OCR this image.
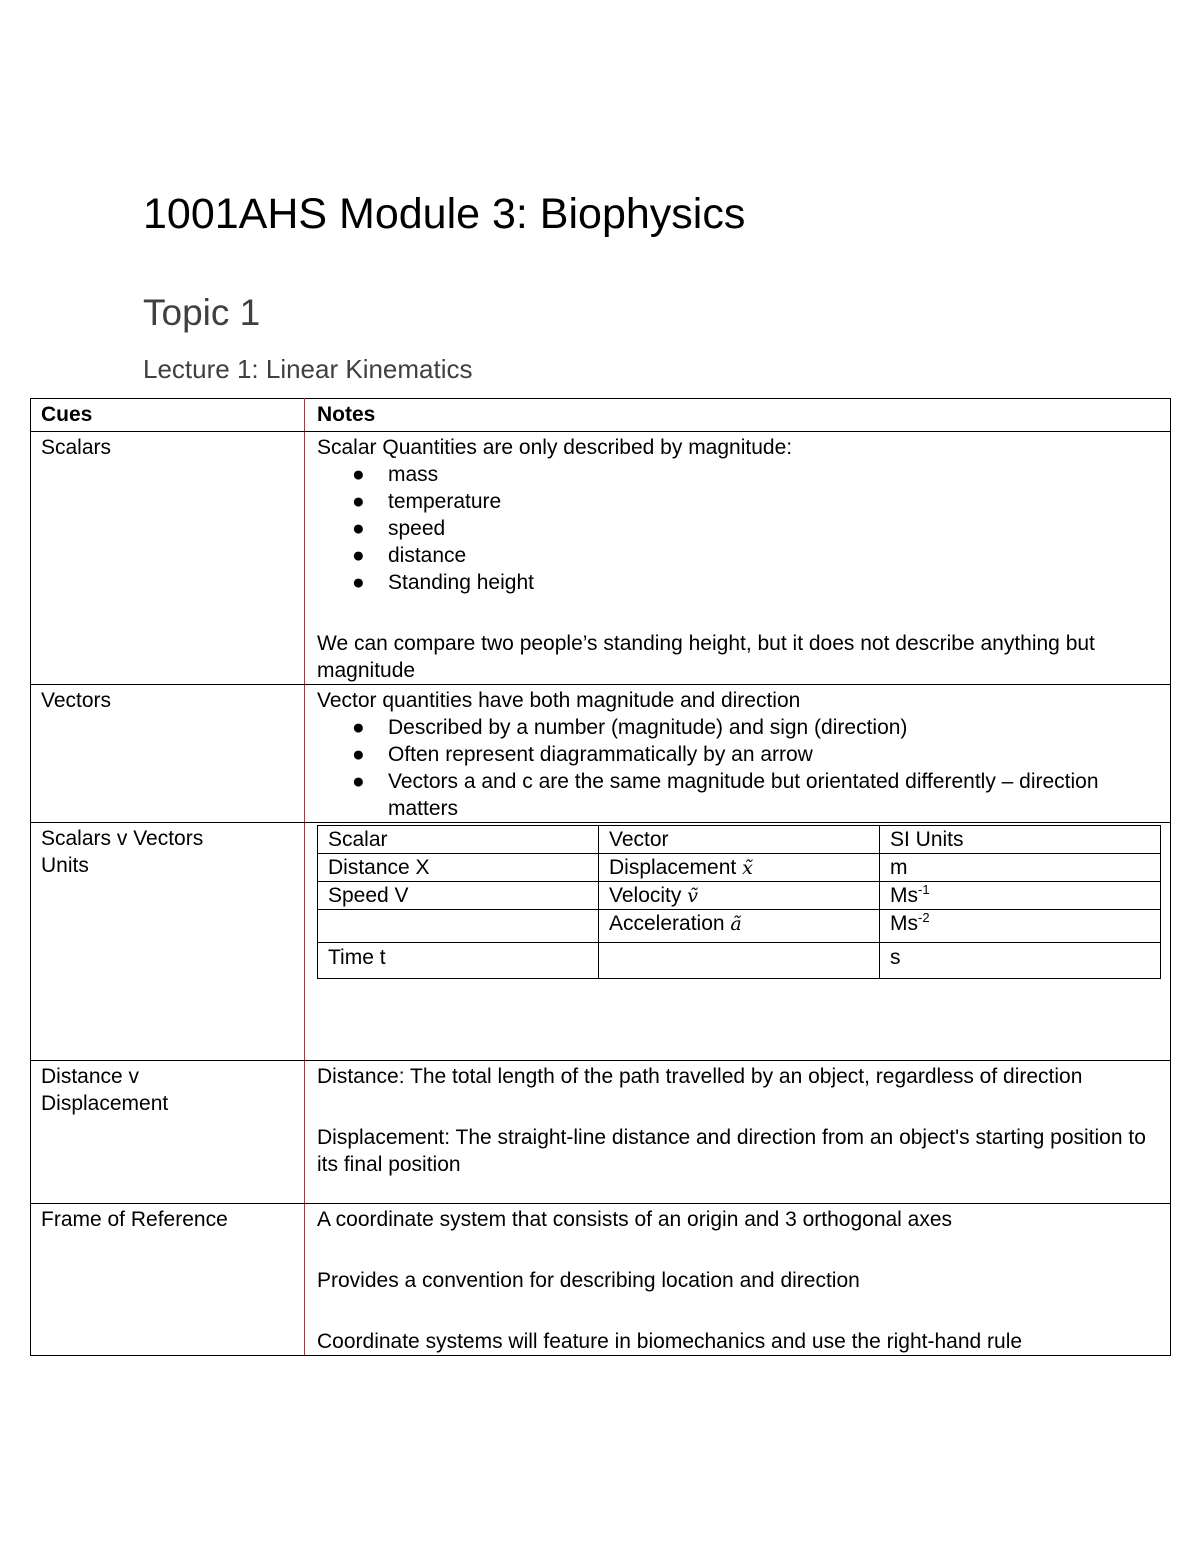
1001AHS Module 3: Biophysics
Topic 1
Lecture 1: Linear Kinematics
Cues	Notes
Scalars	Scalar Quantities are only described by magnitude:

● mass
● temperature
● speed
● distance
● Standing height

We can compare two people’s standing height, but it does not describe anything but magnitude

Vectors	Vector quantities have both magnitude and direction

● Described by a number (magnitude) and sign (direction)
● Often represent diagrammatically by an arrow
● Vectors a and c are the same magnitude but orientated differently – direction matters

Scalars v Vectors
Units

Scalar	Vector	SI Units
Distance X	Displacement x̃	m
Speed V	Velocity ṽ	$Ms^{-1}$
	Acceleration ã	$Ms^{-2}$
Time t		s

Distance v
Displacement

Distance: The total length of the path travelled by an object, regardless of direction

Displacement: The straight-line distance and direction from an object's starting position to its final position

Frame of Reference	A coordinate system that consists of an origin and 3 orthogonal axes

Provides a convention for describing location and direction

Coordinate systems will feature in biomechanics and use the right-hand rule
